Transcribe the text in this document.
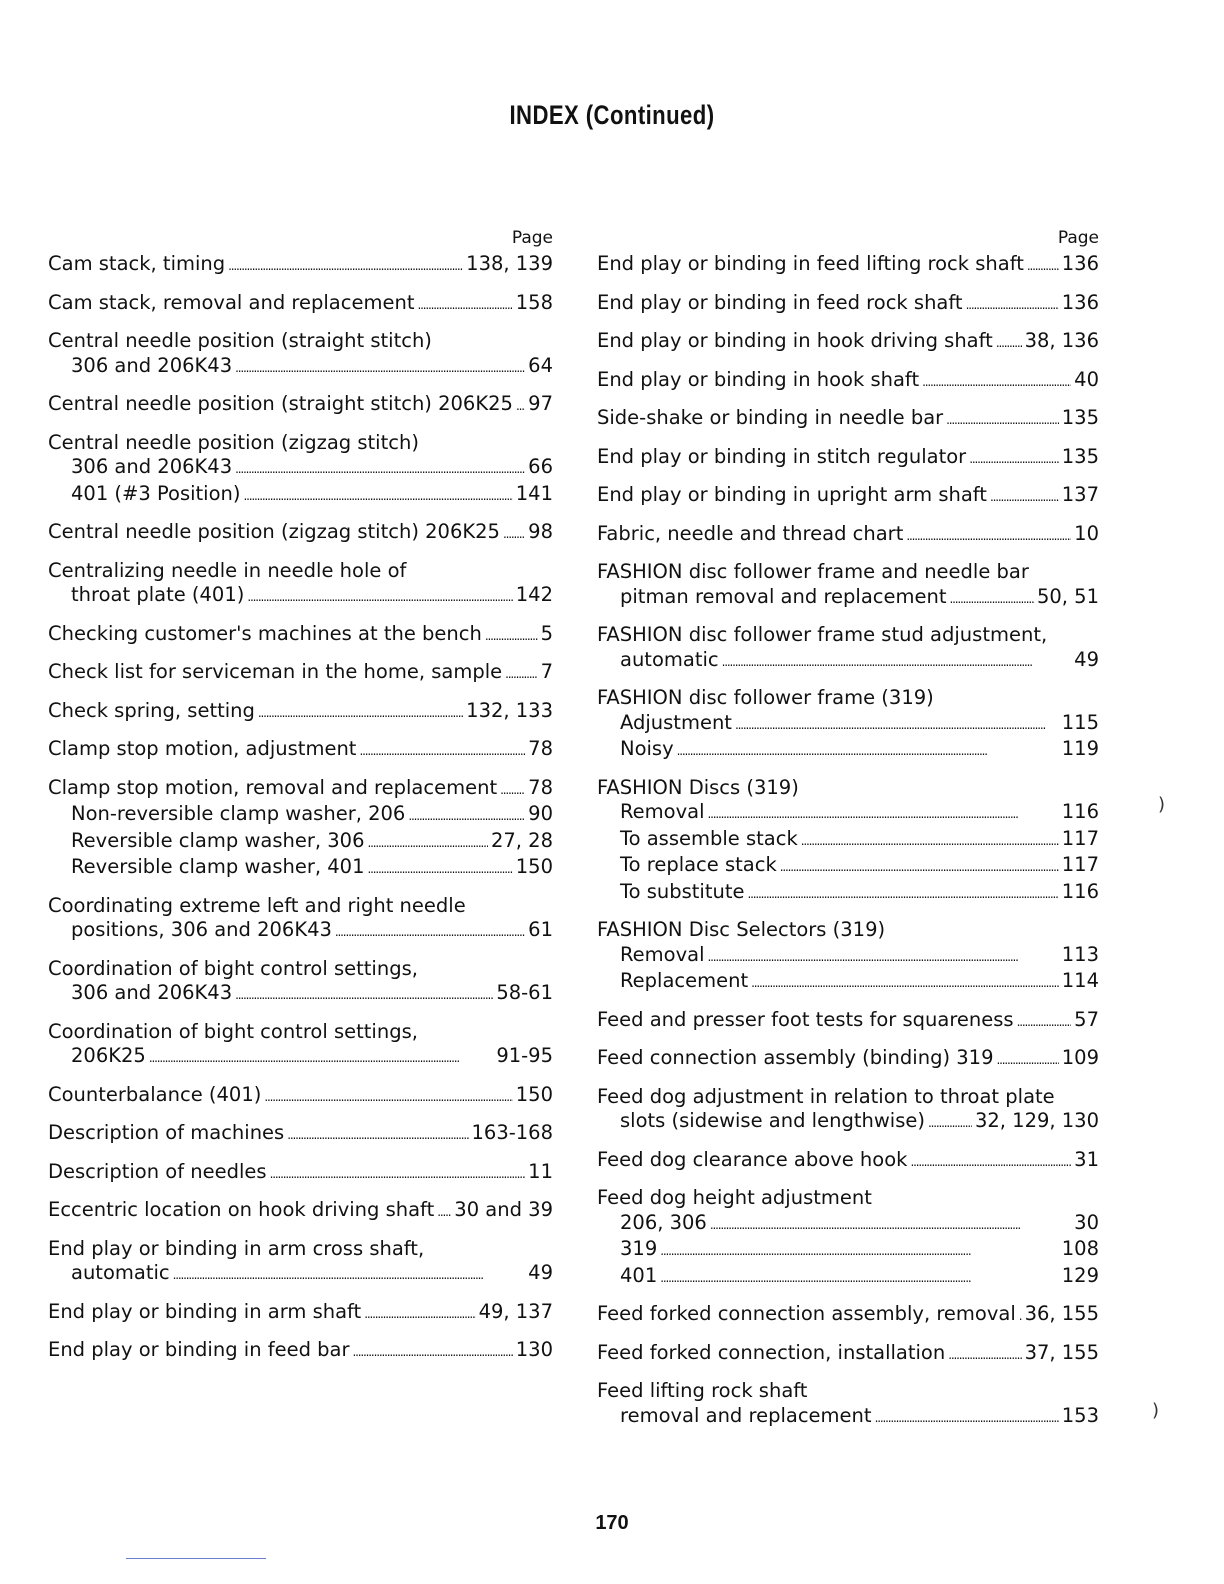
INDEX (Continued)
Page
Cam stack, timing . . .	138, 139
Cam stack, removal and replacement . . .	158
Central needle position (straight stitch)
306 and 206K43 . . .	64
Central needle position (straight stitch) 206K25 . . . 97
Central needle position (zigzag stitch)
306 and 206K43 . . .	66
401 (#3 Position) . . .	141
Central needle position (zigzag stitch) 206K25 . . . 98
Centralizing needle in needle hole of
throat plate (401) . . .	142
Checking customer's machines at the bench . . .	5
Check list for serviceman in the home, sample . . . 7
Check spring, setting . . .	132, 133
Clamp stop motion, adjustment . . .	78
Clamp stop motion, removal and replacement . . . 78
Non-reversible clamp washer, 206 . . .	90
Reversible clamp washer, 306 . . .	27, 28
Reversible clamp washer, 401 . . .	150
Coordinating extreme left and right needle
positions, 306 and 206K43 . . .	61
Coordination of bight control settings,
306 and 206K43 . . .	58-61
Coordination of bight control settings,
206K25 . . .	91-95
Counterbalance (401) . . .	150
Description of machines . . .	163-168
Description of needles . . .	11
Eccentric location on hook driving shaft . . . 30 and 39
End play or binding in arm cross shaft,
automatic . . .	49
End play or binding in arm shaft . . .	49, 137
End play or binding in feed bar . . .	130
Page
End play or binding in feed lifting rock shaft . . . 136
End play or binding in feed rock shaft . . .	136
End play or binding in hook driving shaft . . . 38, 136
End play or binding in hook shaft . . .	40
Side-shake or binding in needle bar . . .	135
End play or binding in stitch regulator . . .	135
End play or binding in upright arm shaft . . .	137
Fabric, needle and thread chart . . .	10
FASHION disc follower frame and needle bar
pitman removal and replacement . . .	50, 51
FASHION disc follower frame stud adjustment,
automatic . . .	49
FASHION disc follower frame (319)
Adjustment . . .	115
Noisy . . .	119
FASHION Discs (319)
Removal . . .	116
To assemble stack . . .	117
To replace stack . . .	117
To substitute . . .	116
FASHION Disc Selectors (319)
Removal . . .	113
Replacement . . .	114
Feed and presser foot tests for squareness . . .	57
Feed connection assembly (binding) 319 . . .	109
Feed dog adjustment in relation to throat plate
slots (sidewise and lengthwise) . . .	32, 129, 130
Feed dog clearance above hook . . .	31
Feed dog height adjustment
206, 306 . . .	30
319 . . .	108
401 . . .	129
Feed forked connection assembly, removal . . . 36, 155
Feed forked connection, installation . . .	37, 155
Feed lifting rock shaft
removal and replacement . . .	153
170
)
)
